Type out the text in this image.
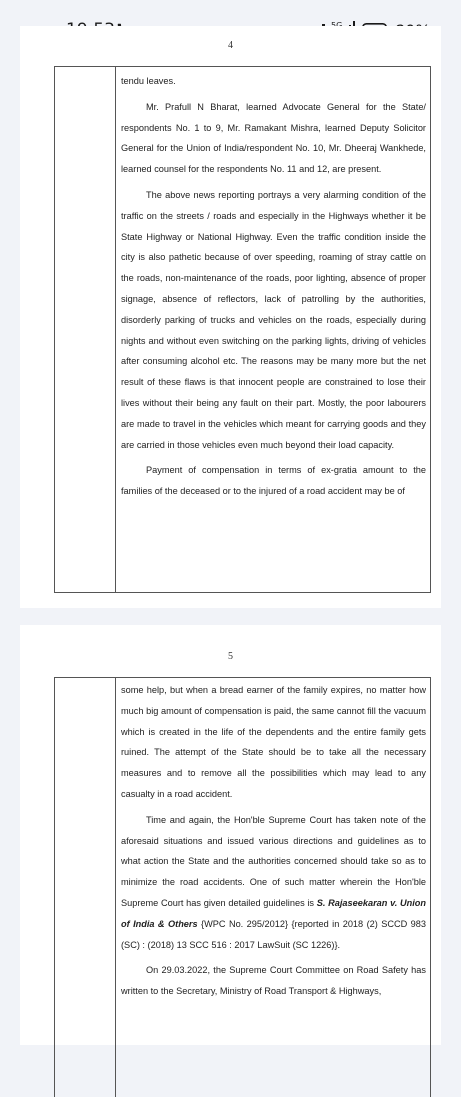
4

tendu leaves.

Mr. Prafull N Bharat, learned Advocate General for the State/ respondents No. 1 to 9, Mr. Ramakant Mishra, learned Deputy Solicitor General for the Union of India/respondent No. 10, Mr. Dheeraj Wankhede, learned counsel for the respondents No. 11 and 12, are present.

The above news reporting portrays a very alarming condition of the traffic on the streets / roads and especially in the Highways whether it be State Highway or National Highway. Even the traffic condition inside the city is also pathetic because of over speeding, roaming of stray cattle on the roads, non-maintenance of the roads, poor lighting, absence of proper signage, absence of reflectors, lack of patrolling by the authorities, disorderly parking of trucks and vehicles on the roads, especially during nights and without even switching on the parking lights, driving of vehicles after consuming alcohol etc. The reasons may be many more but the net result of these flaws is that innocent people are constrained to lose their lives without their being any fault on their part. Mostly, the poor labourers are made to travel in the vehicles which meant for carrying goods and they are carried in those vehicles even much beyond their load capacity.

Payment of compensation in terms of ex-gratia amount to the families of the deceased or to the injured of a road accident may be of

5

some help, but when a bread earner of the family expires, no matter how much big amount of compensation is paid, the same cannot fill the vacuum which is created in the life of the dependents and the entire family gets ruined. The attempt of the State should be to take all the necessary measures and to remove all the possibilities which may lead to any casualty in a road accident.

Time and again, the Hon'ble Supreme Court has taken note of the aforesaid situations and issued various directions and guidelines as to what action the State and the authorities concerned should take so as to minimize the road accidents. One of such matter wherein the Hon'ble Supreme Court has given detailed guidelines is S. Rajaseekaran v. Union of India & Others {WPC No. 295/2012} {reported in 2018 (2) SCCD 983 (SC) : (2018) 13 SCC 516 : 2017 LawSuit (SC 1226)}.

On 29.03.2022, the Supreme Court Committee on Road Safety has written to the Secretary, Ministry of Road Transport & Highways,
